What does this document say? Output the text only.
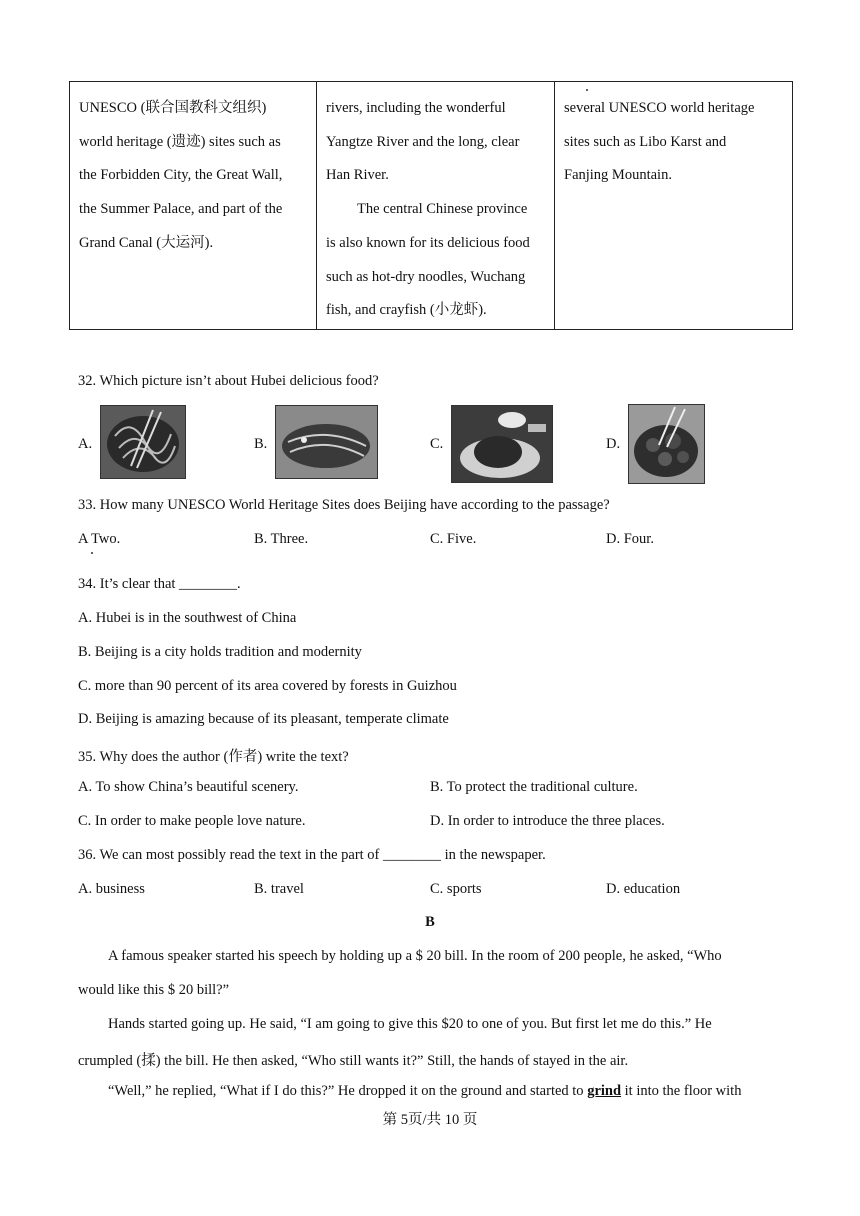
UNESCO (联合国教科文组织)
world heritage (遗迹) sites such as
the Forbidden City, the Great Wall,
the Summer Palace, and part of the
Grand Canal (大运河).

rivers, including the wonderful
Yangtze River and the long, clear
Han River.
The central Chinese province
is also known for its delicious food
such as hot-dry noodles, Wuchang
fish, and crayfish (小龙虾).

several UNESCO world heritage
sites such as Libo Karst and
Fanjing Mountain.
32. Which picture isn’t about Hubei delicious food?
A.	B.	C.	D.
33. How many UNESCO World Heritage Sites does Beijing have according to the passage?
A Two.	B. Three.	C. Five.	D. Four.
34. It’s clear that ________.
A. Hubei is in the southwest of China
B. Beijing is a city holds tradition and modernity
C. more than 90 percent of its area covered by forests in Guizhou
D. Beijing is amazing because of its pleasant, temperate climate
35. Why does the author (作者) write the text?
A. To show China’s beautiful scenery.	B. To protect the traditional culture.
C. In order to make people love nature.	D. In order to introduce the three places.
36. We can most possibly read the text in the part of ________ in the newspaper.
A. business	B. travel	C. sports	D. education
B
A famous speaker started his speech by holding up a $ 20 bill. In the room of 200 people, he asked, “Who
would like this $ 20 bill?”
Hands started going up. He said, “I am going to give this $20 to one of you. But first let me do this.” He
crumpled (揉) the bill. He then asked, “Who still wants it?” Still, the hands of stayed in the air.
“Well,” he replied, “What if I do this?” He dropped it on the ground and started to grind it into the floor with
第 5页/共 10 页
